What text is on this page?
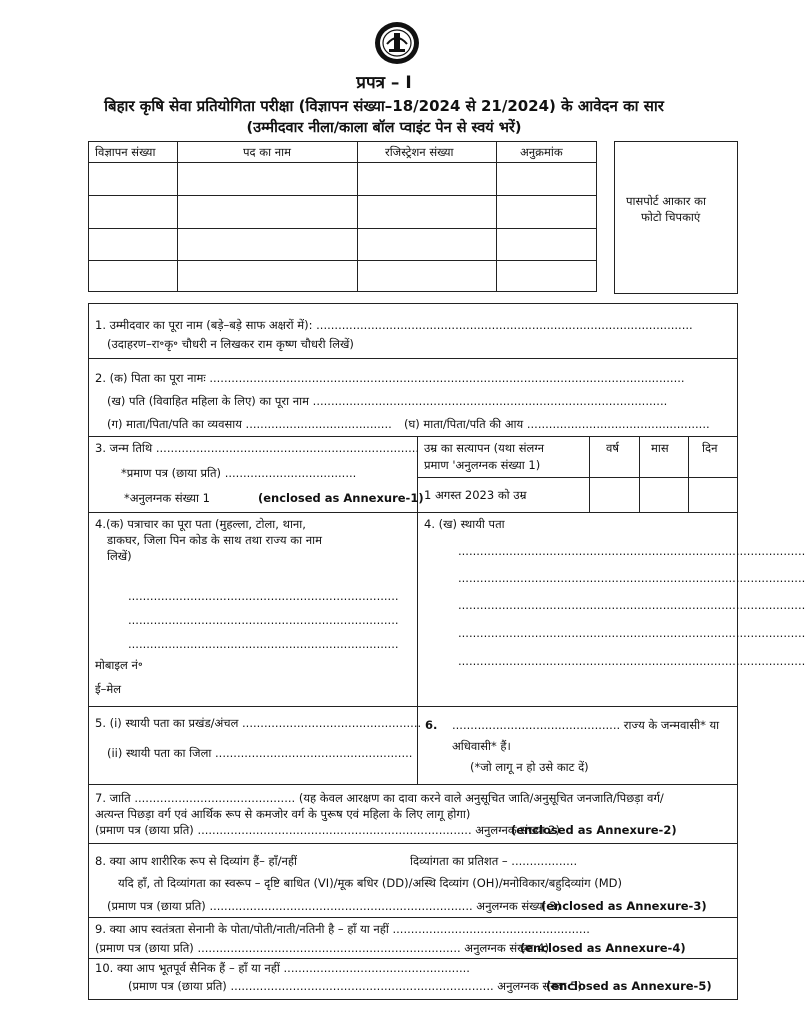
प्रपत्र – I
बिहार कृषि सेवा प्रतियोगिता परीक्षा (विज्ञापन संख्या–18/2024 से 21/2024) के आवेदन का सार
(उम्मीदवार नीला/काला बॉल प्वाइंट पेन से स्वयं भरें)
विज्ञापन संख्या	पद का नाम	रजिस्ट्रेशन संख्या	अनुक्रमांक
पासपोर्ट आकार का
फोटो चिपकाएं
1. उम्मीदवार का पूरा नाम (बड़े–बड़े साफ अक्षरों में): .......................................................................................................
(उदाहरण–रा॰कृ॰ चौधरी न लिखकर राम कृष्ण चौधरी लिखें)
2. (क) पिता का पूरा नामः ..................................................................................................................................
(ख) पति (विवाहित महिला के लिए) का पूरा नाम .................................................................................................
(ग) माता/पिता/पति का व्यवसाय ........................................ (घ) माता/पिता/पति की आय ..................................................
3. जन्म तिथि ........................................................................
*प्रमाण पत्र (छाया प्रति) ....................................
*अनुलग्नक संख्या 1	(enclosed as Annexure-1)
उम्र का सत्यापन (यथा संलग्न
प्रमाण 'अनुलग्नक संख्या 1)
वर्ष	मास	दिन
1 अगस्त 2023 को उम्र
4.(क) पत्राचार का पूरा पता (मुहल्ला, टोला, थाना,
डाकघर, जिला पिन कोड के साथ तथा राज्य का नाम
लिखें)
..........................................................................
..........................................................................
..........................................................................
मोबाइल नं॰
ई–मेल
4. (ख) स्थायी पता
...............................................................................................
...............................................................................................
...............................................................................................
...............................................................................................
...............................................................................................
5. (i) स्थायी पता का प्रखंड/अंचल .................................................
(ii) स्थायी पता का जिला ......................................................
6. .............................................. राज्य के जन्मवासी* या
अधिवासी* हैं।
(*जो लागू न हो उसे काट दें)
7. जाति ............................................ (यह केवल आरक्षण का दावा करने वाले अनुसूचित जाति/अनुसूचित जनजाति/पिछड़ा वर्ग/
अत्यन्त पिछड़ा वर्ग एवं आर्थिक रूप से कमजोर वर्ग के पुरूष एवं महिला के लिए लागू होगा)
(प्रमाण पत्र (छाया प्रति) ........................................................................... अनुलग्नक संख्या 2)
(enclosed as Annexure-2)
8. क्या आप शारीरिक रूप से दिव्यांग हैं– हाँ/नहीं	दिव्यांगता का प्रतिशत – ..................
यदि हाँ, तो दिव्यांगता का स्वरूप – दृष्टि बाधित (VI)/मूक बधिर (DD)/अस्थि दिव्यांग (OH)/मनोविकार/बहुदिव्यांग (MD)
(प्रमाण पत्र (छाया प्रति) ........................................................................ अनुलग्नक संख्या 3)
(enclosed as Annexure-3)
9. क्या आप स्वतंत्रता सेनानी के पोता/पोती/नाती/नतिनी है – हाँ या नहीं ......................................................
(प्रमाण पत्र (छाया प्रति) ........................................................................ अनुलग्नक संख्या 4)
(enclosed as Annexure-4)
10. क्या आप भूतपूर्व सैनिक हैं – हाँ या नहीं ...................................................
(प्रमाण पत्र (छाया प्रति) ........................................................................ अनुलग्नक संख्या 5)
(enclosed as Annexure-5)
